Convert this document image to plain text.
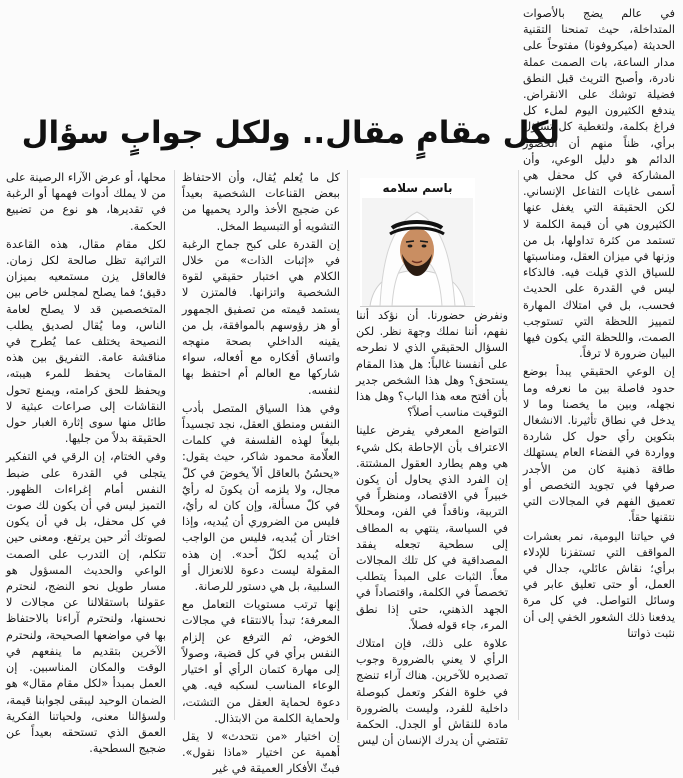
في عالم يضج بالأصوات المتداخلة، حيث تمنحنا التقنية الحديثة (ميكروفونا) مفتوحاً على مدار الساعة، بات الصمت عملة نادرة، وأصبح التريث قبل النطق فضيلة توشك على الانقراض. يندفع الكثيرون اليوم لملء كل فراغ بكلمة، ولتغطية كل تساؤل برأي، ظناً منهم أن الحضور الدائم هو دليل الوعي، وأن المشاركة في كل محفل هي أسمى غايات التفاعل الإنساني. لكن الحقيقة التي يغفل عنها الكثيرون هي أن قيمة الكلمة لا تستمد من كثرة تداولها، بل من وزنها في ميزان العقل، ومناسبتها للسياق الذي قيلت فيه. فالذكاء ليس في القدرة على الحديث فحسب، بل في امتلاك المهارة لتمييز اللحظة التي تستوجب الصمت، واللحظة التي يكون فيها البيان ضرورة لا ترفاً.

إن الوعي الحقيقي يبدأ بوضع حدود فاصلة بين ما نعرفه وما نجهله، وبين ما يخصنا وما لا يدخل في نطاق تأثيرنا. الانشغال بتكوين رأي حول كل شاردة وواردة في الفضاء العام يستهلك طاقة ذهنية كان من الأجدر صرفها في تجويد التخصص أو تعميق الفهم في المجالات التي نتقنها حقاً.

في حياتنا اليومية، نمر بعشرات المواقف التي تستفزنا للإدلاء برأي؛ نقاش عائلي، جدال في العمل، أو حتى تعليق عابر في وسائل التواصل. في كل مرة يدفعنا ذلك الشعور الخفي إلى أن نثبت ذواتنا

لكل مقامٍ مقال.. ولكل جوابٍ سؤال
باسم سلامه

ونفرض حضورنا. أن نؤكد أننا نفهم، أننا نملك وجهة نظر. لكن السؤال الحقيقي الذي لا نطرحه على أنفسنا غالباً: هل هذا المقام يستحق؟ وهل هذا الشخص جدير بأن أفتح معه هذا الباب؟ وهل هذا التوقيت مناسب أصلاً؟

التواضع المعرفي يفرض علينا الاعتراف بأن الإحاطة بكل شيء هي وهم يطارد العقول المشتتة. إن الفرد الذي يحاول أن يكون خبيراً في الاقتصاد، ومنظراً في التربية، وناقداً في الفن، ومحللاً في السياسة، ينتهي به المطاف إلى سطحية تجعله يفقد المصداقية في كل تلك المجالات معاً. الثبات على المبدأ يتطلب تخصصاً في الكلمة، واقتصاداً في الجهد الذهني، حتى إذا نطق المرء، جاء قوله فصلاً.

علاوة على ذلك، فإن امتلاك الرأي لا يعني بالضرورة وجوب تصديره للآخرين. هناك آراء تنضج في خلوة الفكر وتعمل كبوصلة داخلية للفرد، وليست بالضرورة مادة للنقاش أو الجدل. الحكمة تقتضي أن يدرك الإنسان أن ليس

كل ما يُعلم يُقال، وأن الاحتفاظ ببعض القناعات الشخصية بعيداً عن ضجيج الأخذ والرد يحميها من التشويه أو التبسيط المخل.

إن القدرة على كبح جماح الرغبة في «إثبات الذات» من خلال الكلام هي اختبار حقيقي لقوة الشخصية واتزانها. فالمتزن لا يستمد قيمته من تصفيق الجمهور أو هز رؤوسهم بالموافقة، بل من يقينه الداخلي بصحة منهجه واتساق أفكاره مع أفعاله، سواء شاركها مع العالم أم احتفظ بها لنفسه.

وفي هذا السياق المتصل بأدب النفس ومنطق العقل، نجد تجسيداً بليغاً لهذه الفلسفة في كلمات العلّامة محمود شاكر، حيث يقول: «يحسُنُ بالعاقل ألاّ يخوضَ في كلّ مجال، ولا يلزمه أن يكونَ له رأيٌ في كلّ مسألة، وإن كان له رأيٌ، فليس من الضروري أن يُبديه، وإذا اختار أن يُبديه، فليس من الواجب أن يُبديه لكلّ أحد». إن هذه المقولة ليست دعوة للانعزال أو السلبية، بل هي دستور للرصانة.

إنها ترتب مستويات التعامل مع المعرفة؛ تبدأ بالانتقاء في مجالات الخوض، ثم الترفع عن إلزام النفس برأي في كل قضية، وصولاً إلى مهارة كتمان الرأي أو اختيار الوعاء المناسب لسكبه فيه. هي دعوة لحماية العقل من التشتت، ولحماية الكلمة من الابتذال.

إن اختيار «من نتحدث» لا يقل أهمية عن اختيار «ماذا نقول». فبثّ الأفكار العميقة في غير

محلها، أو عرض الآراء الرصينة على من لا يملك أدوات فهمها أو الرغبة في تقديرها، هو نوع من تضييع الحكمة.

لكل مقام مقال، هذه القاعدة التراثية تظل صالحة لكل زمان. فالعاقل يزن مستمعيه بميزان دقيق؛ فما يصلح لمجلس خاص بين المتخصصين قد لا يصلح لعامة الناس، وما يُقال لصديق يطلب النصيحة يختلف عما يُطرح في مناقشة عامة. التفريق بين هذه المقامات يحفظ للمرء هيبته، ويحفظ للحق كرامته، ويمنع تحول النقاشات إلى صراعات عبثية لا طائل منها سوى إثارة الغبار حول الحقيقة بدلاً من جليها.

وفي الختام، إن الرقي في التفكير يتجلى في القدرة على ضبط النفس أمام إغراءات الظهور. التميز ليس في أن يكون لك صوت في كل محفل، بل في أن يكون لصوتك أثر حين يرتفع. ومعنى حين تتكلم، إن التدرب على الصمت الواعي والحديث المسؤول هو مسار طويل نحو النضج، لنحترم عقولنا باستقلالنا عن مجالات لا نحسنها، ولنحترم آراءنا بالاحتفاظ بها في مواضعها الصحيحة، ولنحترم الآخرين بتقديم ما ينفعهم في الوقت والمكان المناسبين. إن العمل بمبدأ «لكل مقام مقال» هو الضمان الوحيد ليبقى لجوابنا قيمة، ولسؤالنا معنى، ولحياتنا الفكرية العمق الذي تستحقه بعيداً عن ضجيج السطحية.
